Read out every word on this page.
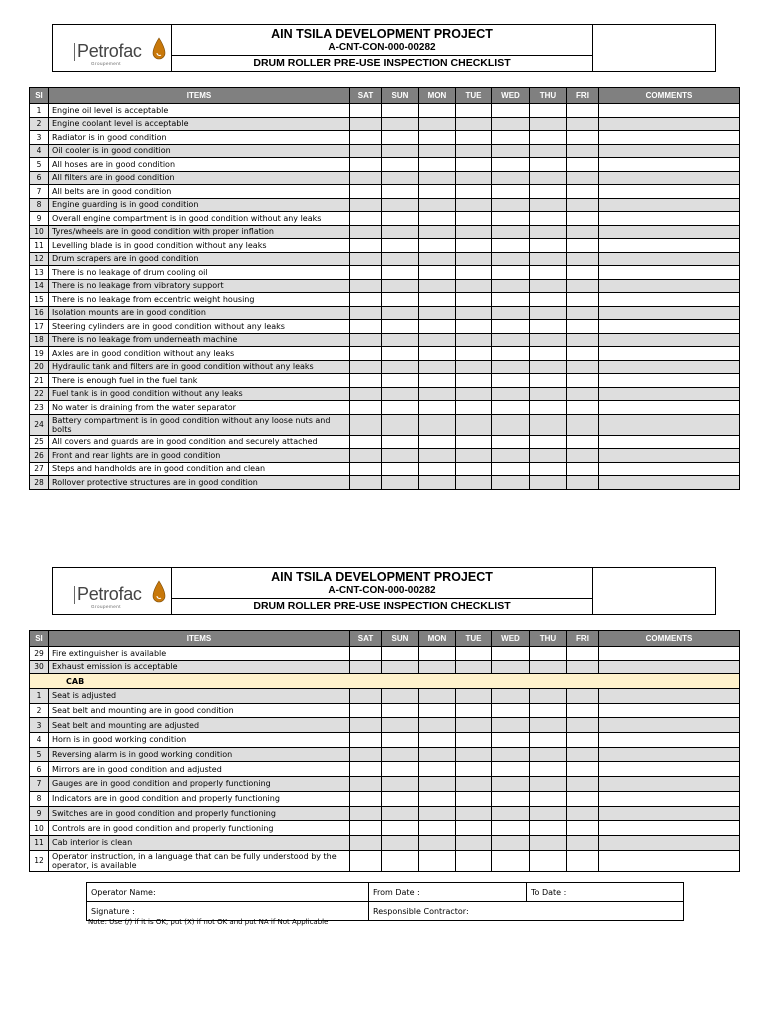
Petrofac
Groupement
AIN TSILA DEVELOPMENT PROJECT
A-CNT-CON-000-00282
DRUM ROLLER PRE-USE INSPECTION CHECKLIST
Sl	ITEMS	SAT	SUN	MON	TUE	WED	THU	FRI	COMMENTS
1	Engine oil level is acceptable								
2	Engine coolant level is acceptable								
3	Radiator is in good condition								
4	Oil cooler is in good condition								
5	All hoses are in good condition								
6	All filters are in good condition								
7	All belts are in good condition								
8	Engine guarding is in good condition								
9	Overall engine compartment is in good condition without any leaks								
10	Tyres/wheels are in good condition with proper inflation								
11	Levelling blade is in good condition without any leaks								
12	Drum scrapers are in good condition								
13	There is no leakage of drum cooling oil								
14	There is no leakage from vibratory support								
15	There is no leakage from eccentric weight housing								
16	Isolation mounts are in good condition								
17	Steering cylinders are in good condition without any leaks								
18	There is no leakage from underneath machine								
19	Axles are in good condition without any leaks								
20	Hydraulic tank and filters are in good condition without any leaks								
21	There is enough fuel in the fuel tank								
22	Fuel tank is in good condition without any leaks								
23	No water is draining from the water separator								
24	Battery compartment is in good condition without any loose nuts and bolts								
25	All covers and guards are in good condition and securely attached								
26	Front and rear lights are in good condition								
27	Steps and handholds are in good condition and clean								
28	Rollover protective structures are in good condition								
Petrofac
Groupement
AIN TSILA DEVELOPMENT PROJECT
A-CNT-CON-000-00282
DRUM ROLLER PRE-USE INSPECTION CHECKLIST
Sl	ITEMS	SAT	SUN	MON	TUE	WED	THU	FRI	COMMENTS
29	Fire extinguisher is available								
30	Exhaust emission is acceptable								
CAB									
1	Seat is adjusted								
2	Seat belt and mounting are in good condition								
3	Seat belt and mounting are adjusted								
4	Horn is in good working condition								
5	Reversing alarm is in good working condition								
6	Mirrors are in good condition and adjusted								
7	Gauges are in good condition and properly functioning								
8	Indicators are in good condition and properly functioning								
9	Switches are in good condition and properly functioning								
10	Controls are in good condition and properly functioning								
11	Cab interior is clean								
12	Operator instruction, in a language that can be fully understood by the operator, is available								
Operator Name:	From Date :	To Date :
Signature :	Responsible Contractor:	
Note: Use (/) if it is OK, put (X) if not OK and put NA if Not Applicable
